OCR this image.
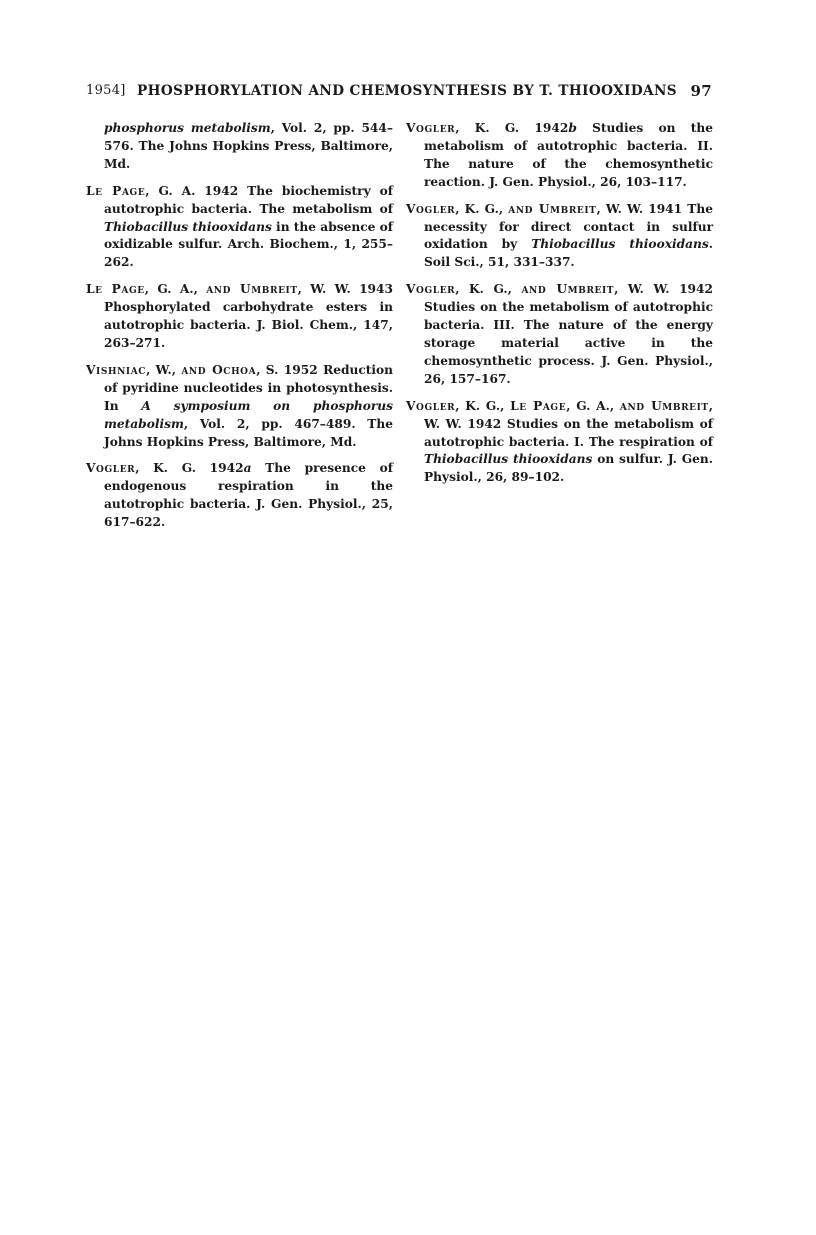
1954] PHOSPHORYLATION AND CHEMOSYNTHESIS BY T. THIOOXIDANS 97

phosphorus metabolism, Vol. 2, pp. 544–576. The Johns Hopkins Press, Baltimore, Md.

Le Page, G. A. 1942 The biochemistry of autotrophic bacteria. The metabolism of Thiobacillus thiooxidans in the absence of oxidizable sulfur. Arch. Biochem., 1, 255–262.

Le Page, G. A., and Umbreit, W. W. 1943 Phosphorylated carbohydrate esters in autotrophic bacteria. J. Biol. Chem., 147, 263–271.

Vishniac, W., and Ochoa, S. 1952 Reduction of pyridine nucleotides in photosynthesis. In A symposium on phosphorus metabolism, Vol. 2, pp. 467–489. The Johns Hopkins Press, Baltimore, Md.

Vogler, K. G. 1942a The presence of endogenous respiration in the autotrophic bacteria. J. Gen. Physiol., 25, 617–622.

Vogler, K. G. 1942b Studies on the metabolism of autotrophic bacteria. II. The nature of the chemosynthetic reaction. J. Gen. Physiol., 26, 103–117.

Vogler, K. G., and Umbreit, W. W. 1941 The necessity for direct contact in sulfur oxidation by Thiobacillus thiooxidans. Soil Sci., 51, 331–337.

Vogler, K. G., and Umbreit, W. W. 1942 Studies on the metabolism of autotrophic bacteria. III. The nature of the energy storage material active in the chemosynthetic process. J. Gen. Physiol., 26, 157–167.

Vogler, K. G., Le Page, G. A., and Umbreit, W. W. 1942 Studies on the metabolism of autotrophic bacteria. I. The respiration of Thiobacillus thiooxidans on sulfur. J. Gen. Physiol., 26, 89–102.
